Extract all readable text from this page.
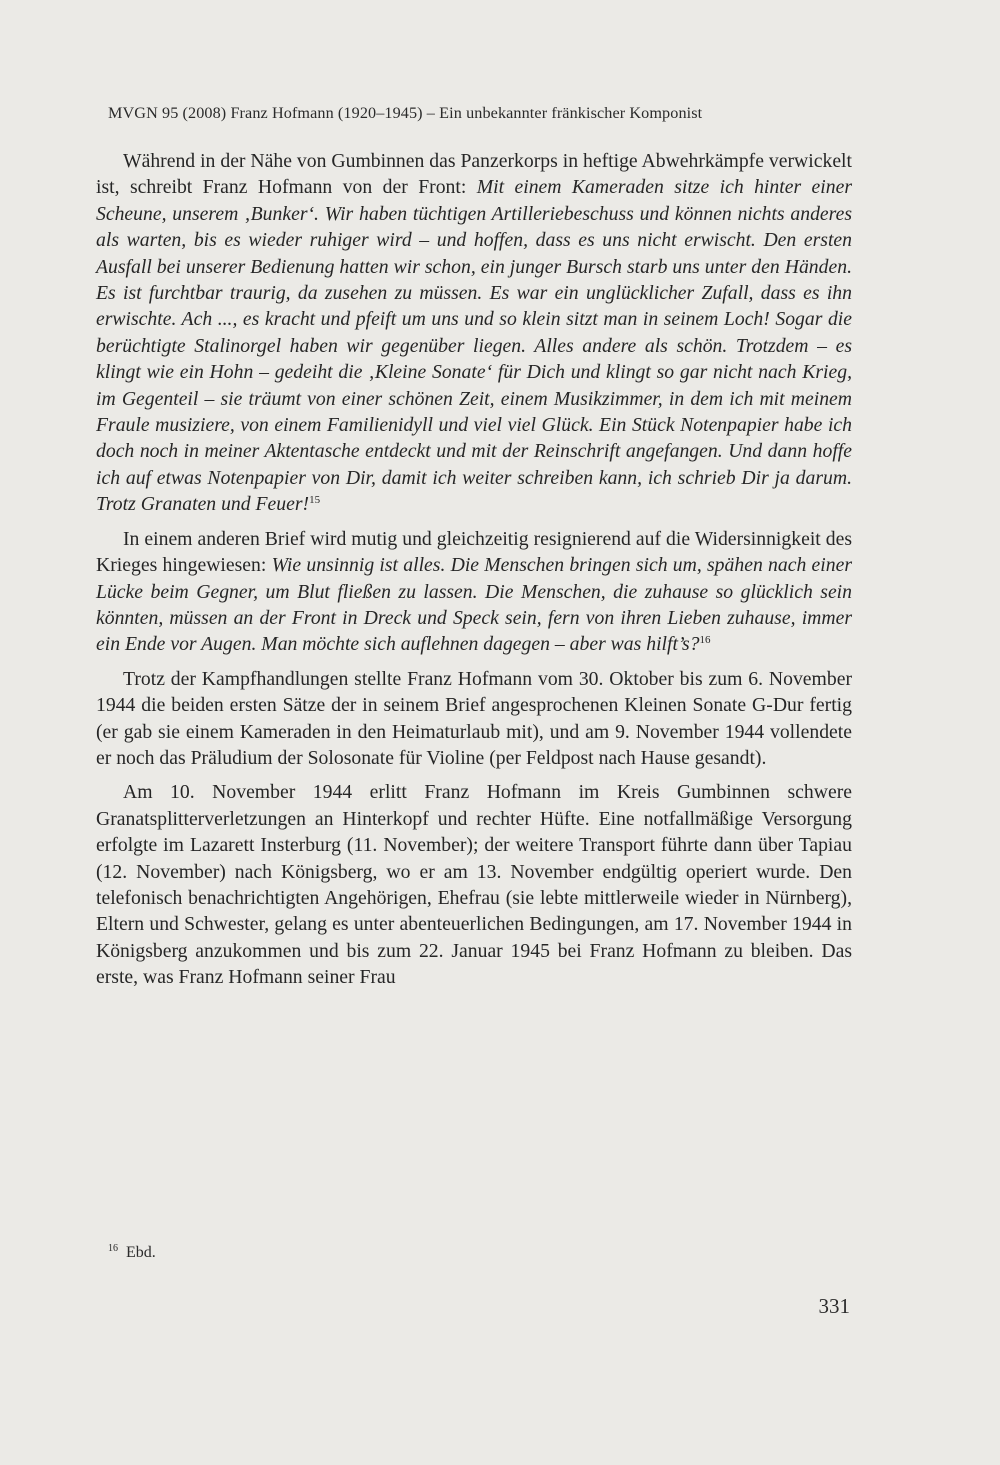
MVGN 95 (2008) Franz Hofmann (1920–1945) – Ein unbekannter fränkischer Komponist

Während in der Nähe von Gumbinnen das Panzerkorps in heftige Abwehrkämpfe verwickelt ist, schreibt Franz Hofmann von der Front: Mit einem Kameraden sitze ich hinter einer Scheune, unserem ‚Bunker‘. Wir haben tüchtigen Artilleriebeschuss und können nichts anderes als warten, bis es wieder ruhiger wird – und hoffen, dass es uns nicht erwischt. Den ersten Ausfall bei unserer Bedienung hatten wir schon, ein junger Bursch starb uns unter den Händen. Es ist furchtbar traurig, da zusehen zu müssen. Es war ein unglücklicher Zufall, dass es ihn erwischte. Ach ..., es kracht und pfeift um uns und so klein sitzt man in seinem Loch! Sogar die berüchtigte Stalinorgel haben wir gegenüber liegen. Alles andere als schön. Trotzdem – es klingt wie ein Hohn – gedeiht die ‚Kleine Sonate‘ für Dich und klingt so gar nicht nach Krieg, im Gegenteil – sie träumt von einer schönen Zeit, einem Musikzimmer, in dem ich mit meinem Fraule musiziere, von einem Familienidyll und viel viel Glück. Ein Stück Notenpapier habe ich doch noch in meiner Aktentasche entdeckt und mit der Reinschrift angefangen. Und dann hoffe ich auf etwas Notenpapier von Dir, damit ich weiter schreiben kann, ich schrieb Dir ja darum. Trotz Granaten und Feuer!$^{15}$

In einem anderen Brief wird mutig und gleichzeitig resignierend auf die Widersinnigkeit des Krieges hingewiesen: Wie unsinnig ist alles. Die Menschen bringen sich um, spähen nach einer Lücke beim Gegner, um Blut fließen zu lassen. Die Menschen, die zuhause so glücklich sein könnten, müssen an der Front in Dreck und Speck sein, fern von ihren Lieben zuhause, immer ein Ende vor Augen. Man möchte sich auflehnen dagegen – aber was hilft’s?$^{16}$

Trotz der Kampfhandlungen stellte Franz Hofmann vom 30. Oktober bis zum 6. November 1944 die beiden ersten Sätze der in seinem Brief angesprochenen Kleinen Sonate G-Dur fertig (er gab sie einem Kameraden in den Heimaturlaub mit), und am 9. November 1944 vollendete er noch das Präludium der Solosonate für Violine (per Feldpost nach Hause gesandt).

Am 10. November 1944 erlitt Franz Hofmann im Kreis Gumbinnen schwere Granatsplitterverletzungen an Hinterkopf und rechter Hüfte. Eine notfallmäßige Versorgung erfolgte im Lazarett Insterburg (11. November); der weitere Transport führte dann über Tapiau (12. November) nach Königsberg, wo er am 13. November endgültig operiert wurde. Den telefonisch benachrichtigten Angehörigen, Ehefrau (sie lebte mittlerweile wieder in Nürnberg), Eltern und Schwester, gelang es unter abenteuerlichen Bedingungen, am 17. November 1944 in Königsberg anzukommen und bis zum 22. Januar 1945 bei Franz Hofmann zu bleiben. Das erste, was Franz Hofmann seiner Frau

$^{16}$ Ebd.
331
